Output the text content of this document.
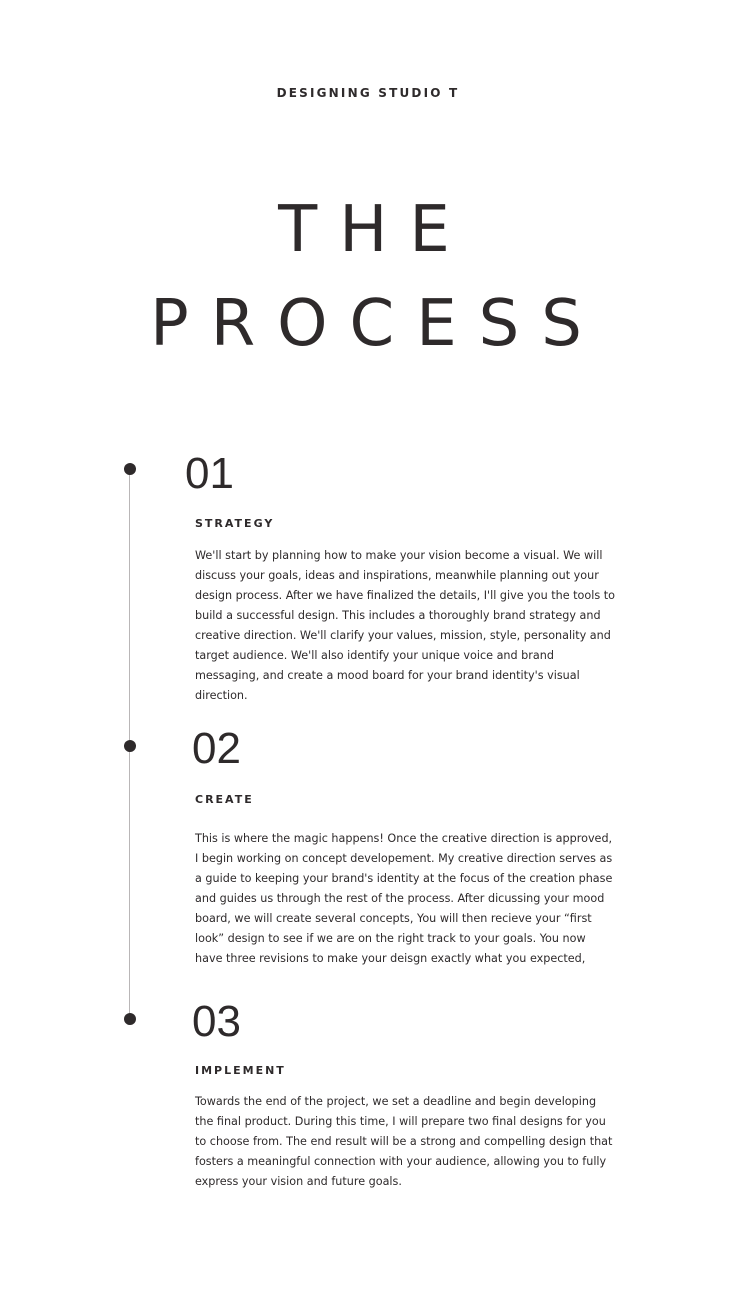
DESIGNING STUDIO T
THE
PROCESS
01
STRATEGY
We'll start by planning how to make your vision become a visual. We will discuss your goals, ideas and inspirations, meanwhile planning out your design process. After we have finalized the details, I'll give you the tools to build a successful design. This includes a thoroughly brand strategy and creative direction. We'll clarify your values, mission, style, personality and target audience. We'll also identify your unique voice and brand messaging, and create a mood board for your brand identity's visual direction.
02
CREATE
This is where the magic happens! Once the creative direction is approved, I begin working on concept developement. My creative direction serves as a guide to keeping your brand's identity at the focus of the creation phase and guides us through the rest of the process. After dicussing your mood board, we will create several concepts, You will then recieve your “first look” design to see if we are on the right track to your goals. You now have three revisions to make your deisgn exactly what you expected,
03
IMPLEMENT
Towards the end of the project, we set a deadline and begin developing the final product. During this time, I will prepare two final designs for you to choose from. The end result will be a strong and compelling design that fosters a meaningful connection with your audience, allowing you to fully express your vision and future goals.
